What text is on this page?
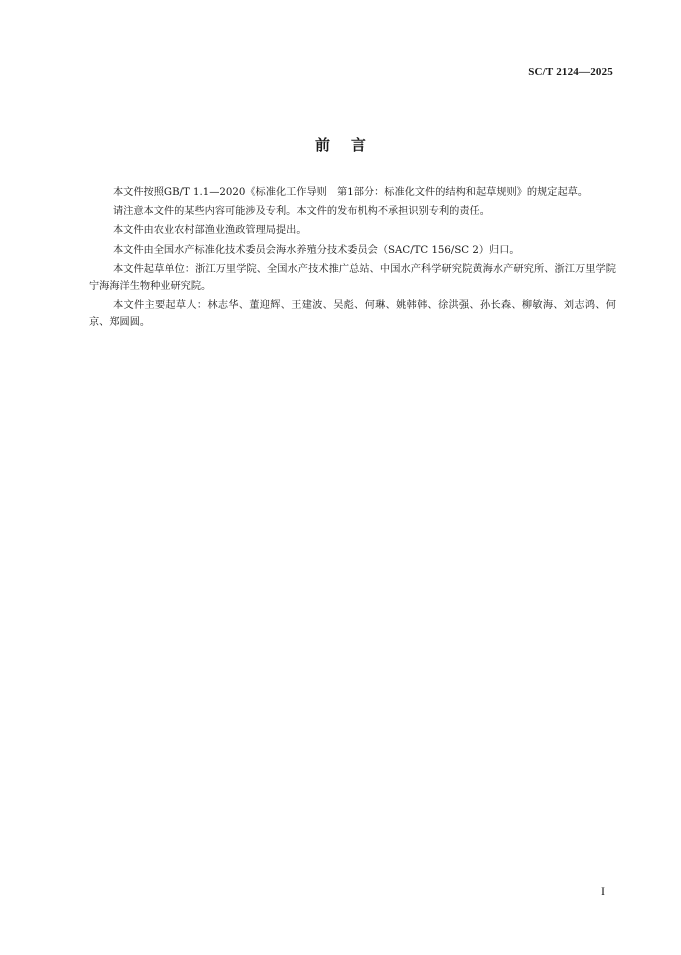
SC/T 2124—2025
前    言

本文件按照GB/T 1.1—2020《标准化工作导则　第1部分：标准化文件的结构和起草规则》的规定起草。

请注意本文件的某些内容可能涉及专利。本文件的发布机构不承担识别专利的责任。

本文件由农业农村部渔业渔政管理局提出。

本文件由全国水产标准化技术委员会海水养殖分技术委员会（SAC/TC 156/SC 2）归口。

本文件起草单位：浙江万里学院、全国水产技术推广总站、中国水产科学研究院黄海水产研究所、浙江万里学院宁海海洋生物种业研究院。

本文件主要起草人：林志华、董迎辉、王建波、吴彪、何琳、姚韩韩、徐洪强、孙长森、柳敏海、刘志鸿、何京、郑圆圆。

I
